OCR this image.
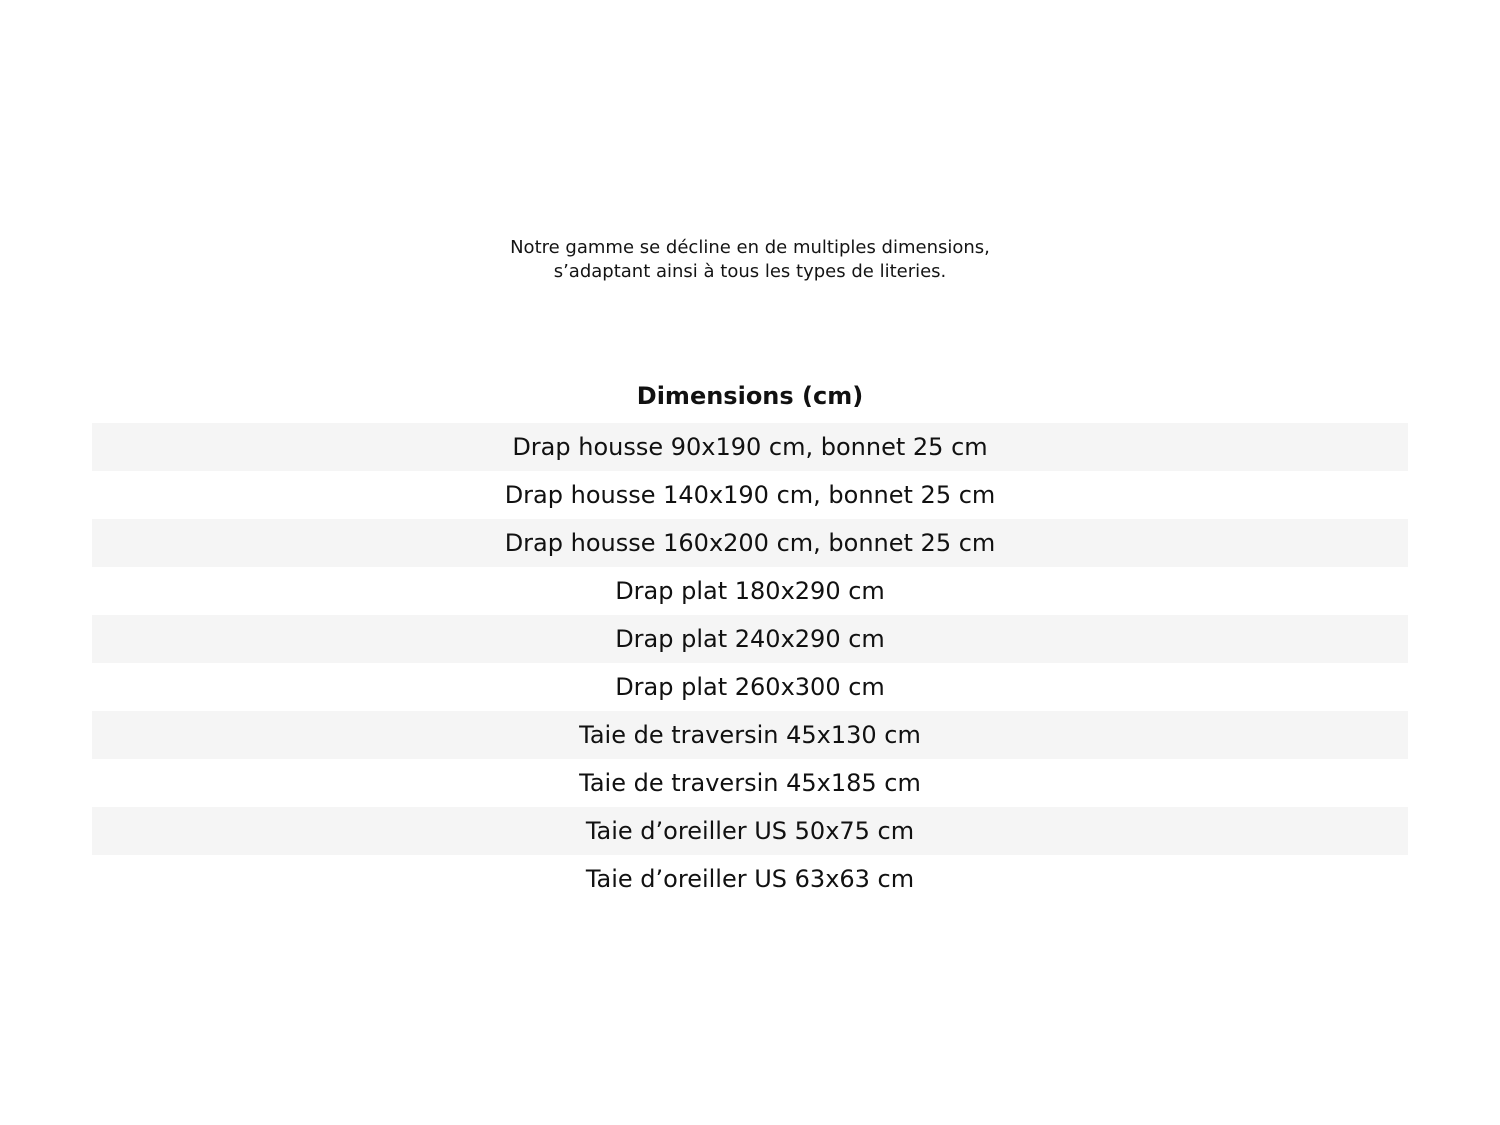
Notre gamme se décline en de multiples dimensions,
s’adaptant ainsi à tous les types de literies.
Dimensions (cm)
Drap housse 90x190 cm, bonnet 25 cm
Drap housse 140x190 cm, bonnet 25 cm
Drap housse 160x200 cm, bonnet 25 cm
Drap plat 180x290 cm
Drap plat 240x290 cm
Drap plat 260x300 cm
Taie de traversin 45x130 cm
Taie de traversin 45x185 cm
Taie d’oreiller US 50x75 cm
Taie d’oreiller US 63x63 cm
